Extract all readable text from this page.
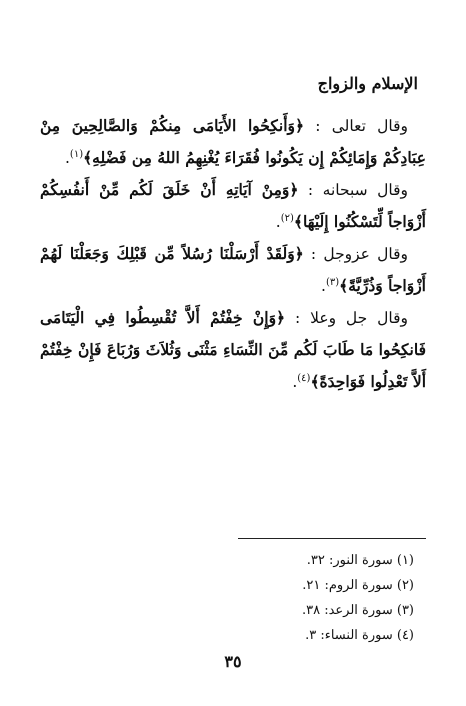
الإسلام والزواج

وقال تعالى : ﴿وَأَنكِحُوا الأَيَامَى مِنكُمْ وَالصَّالِحِينَ مِنْ عِبَادِكُمْ وَإِمَائِكُمْ إِن يَكُونُوا فُقَرَاءَ يُغْنِهِمُ اللهُ مِن فَضْلِهِ﴾$^{(١)}$.

وقال سبحانه : ﴿وَمِنْ آيَاتِهِ أَنْ خَلَقَ لَكُم مِّنْ أَنفُسِكُمْ أَزْوَاجاً لِّتَسْكُنُوا إِلَيْهَا﴾$^{(٢)}$.

وقال عزوجل : ﴿وَلَقَدْ أَرْسَلْنَا رُسُلاً مِّن قَبْلِكَ وَجَعَلْنَا لَهُمْ أَزْوَاجاً وَذُرِّيَّةً﴾$^{(٣)}$.

وقال جل وعلا : ﴿وَإِنْ خِفْتُمْ أَلاَّ تُقْسِطُوا فِي الْيَتَامَى فَانكِحُوا مَا طَابَ لَكُم مِّنَ النِّسَاءِ مَثْنَى وَثُلاَثَ وَرُبَاعَ فَإِنْ خِفْتُمْ أَلاَّ تَعْدِلُوا فَوَاحِدَةً﴾$^{(٤)}$.

(١) سورة النور: ٣٢.
(٢) سورة الروم: ٢١.
(٣) سورة الرعد: ٣٨.
(٤) سورة النساء: ٣.
٣٥
